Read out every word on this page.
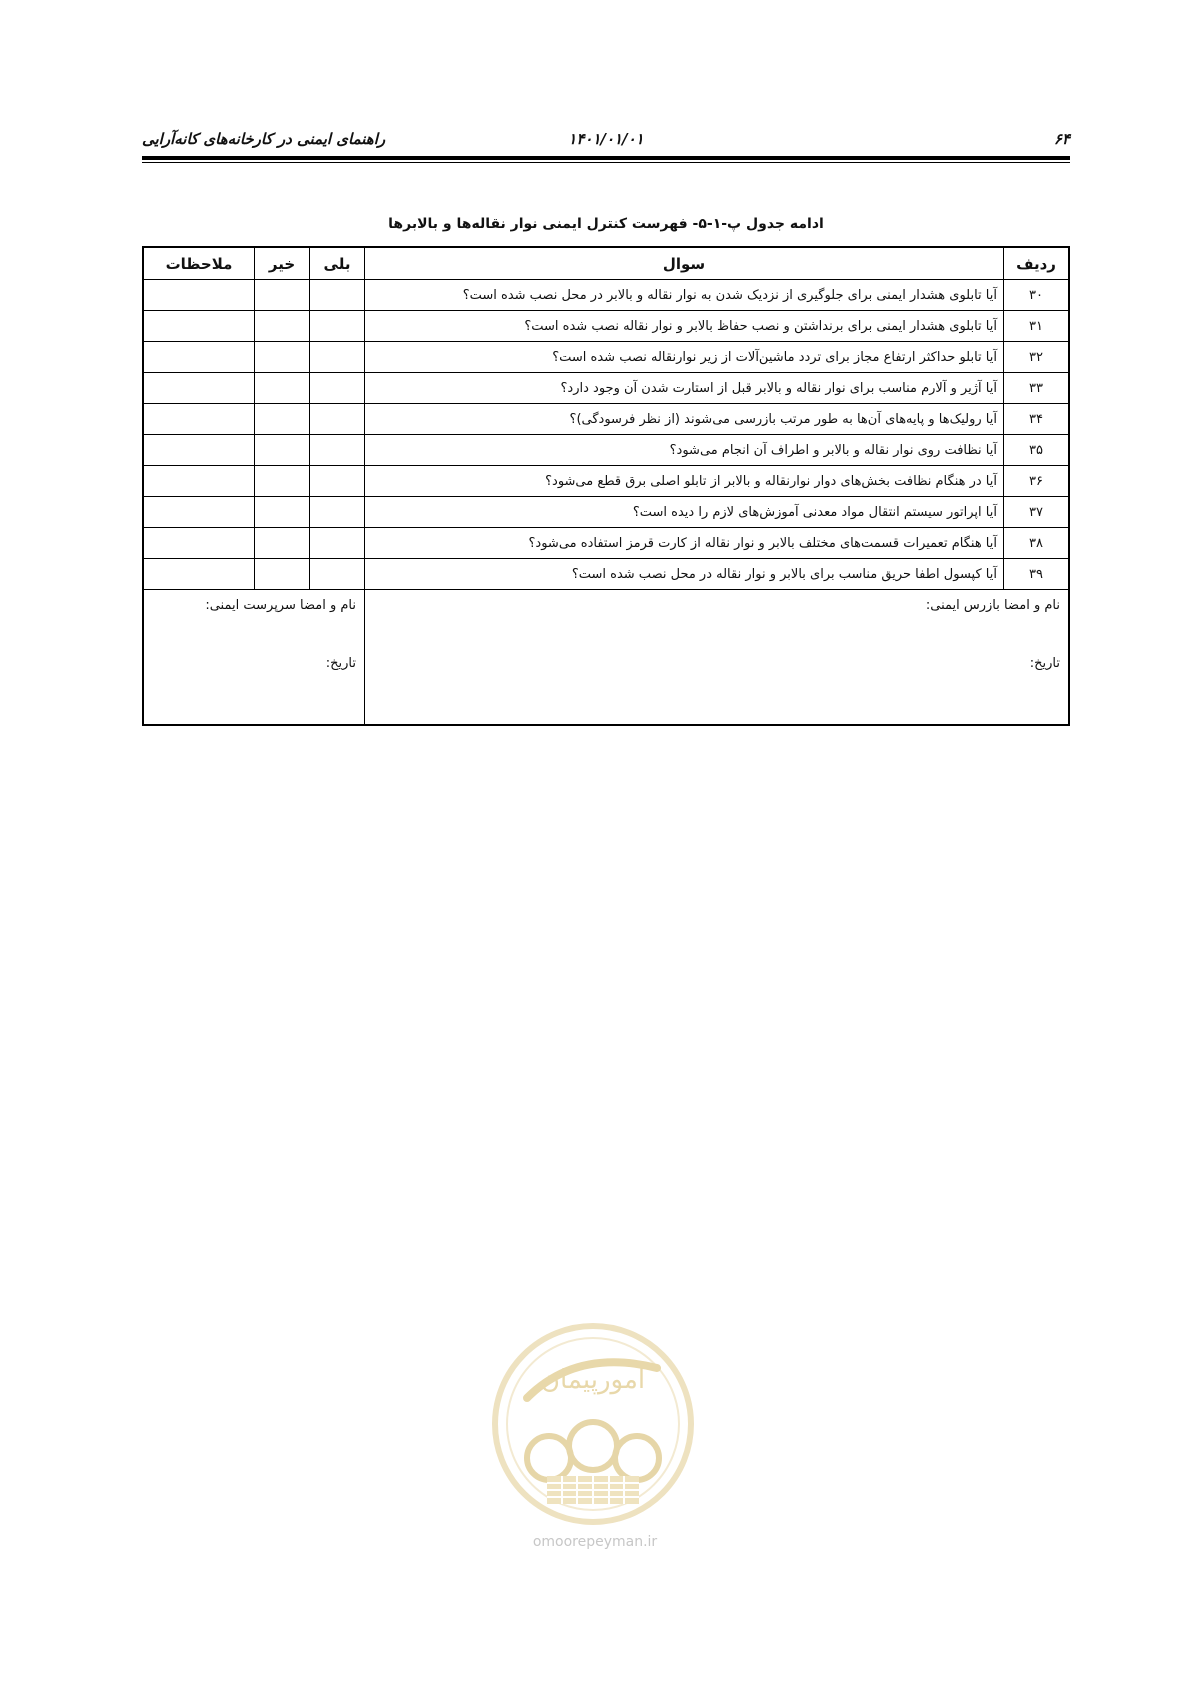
۶۴
۱۴۰۱/۰۱/۰۱
راهنمای ایمنی در کارخانه‌های کانه‌آرایی
ادامه جدول پ-۱-۵- فهرست کنترل ایمنی نوار نقاله‌ها و بالابرها
ردیف	سوال	بلی	خیر	ملاحظات
۳۰	آیا تابلوی هشدار ایمنی برای جلوگیری از نزدیک شدن به نوار نقاله و بالابر در محل نصب شده است؟			
۳۱	آیا تابلوی هشدار ایمنی برای برنداشتن و نصب حفاظ بالابر و نوار نقاله نصب شده است؟			
۳۲	آیا تابلو حداکثر ارتفاع مجاز برای تردد ماشین‌آلات از زیر نوارنقاله نصب شده است؟			
۳۳	آیا آژیر و آلارم مناسب برای نوار نقاله و بالابر قبل از استارت شدن آن وجود دارد؟			
۳۴	آیا رولیک‌ها و پایه‌های آن‌ها به طور مرتب بازرسی می‌شوند (از نظر فرسودگی)؟			
۳۵	آیا نظافت روی نوار نقاله و بالابر و اطراف آن انجام می‌شود؟			
۳۶	آیا در هنگام نظافت بخش‌های دوار نوارنقاله و بالابر از تابلو اصلی برق قطع می‌شود؟			
۳۷	آیا اپراتور سیستم انتقال مواد معدنی آموزش‌های لازم را دیده است؟			
۳۸	آیا هنگام تعمیرات قسمت‌های مختلف بالابر و نوار نقاله از کارت قرمز استفاده می‌شود؟			
۳۹	آیا کپسول اطفا حریق مناسب برای بالابر و نوار نقاله در محل نصب شده است؟			

نام و امضا بازرس ایمنی:
تاریخ:		نام و امضا سرپرست ایمنی:
تاریخ:		
امورپیمان
omoorepeyman.ir
